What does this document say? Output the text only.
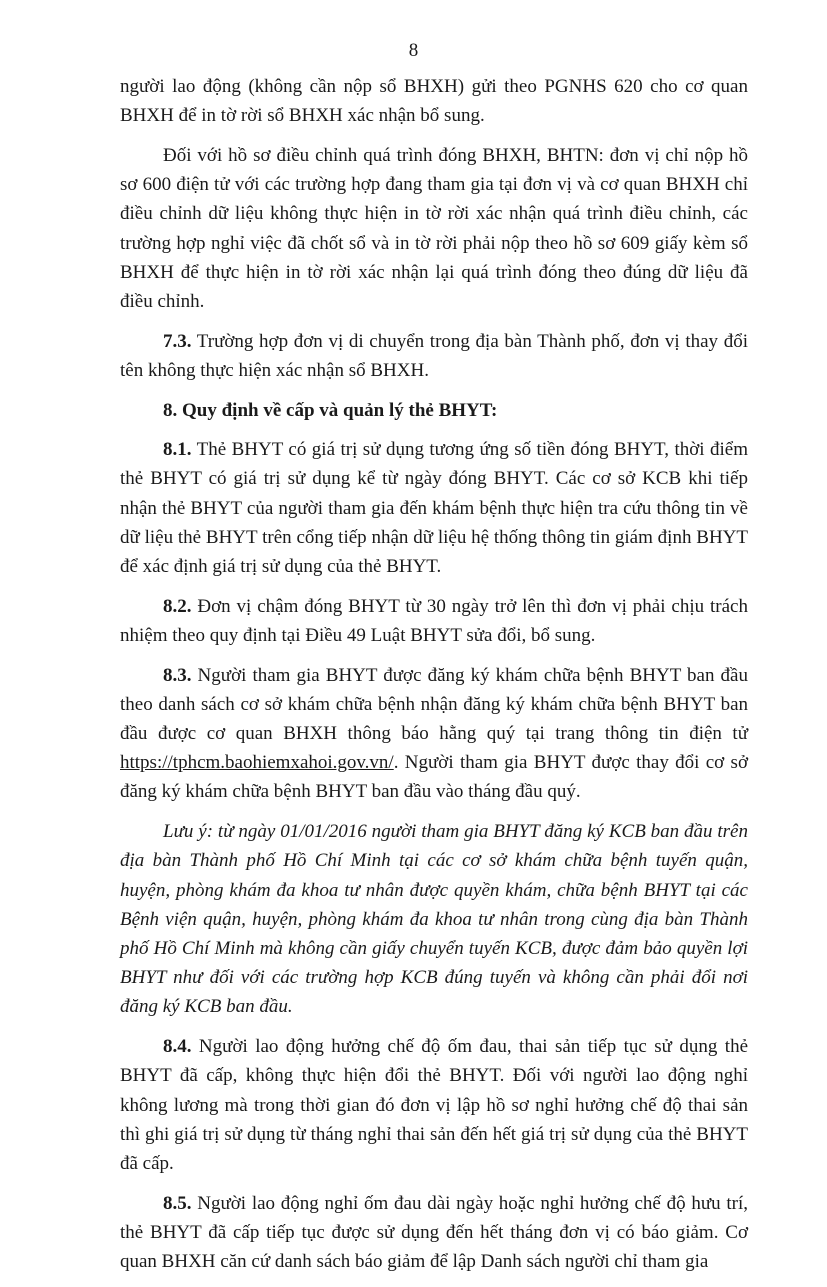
8

người lao động (không cần nộp sổ BHXH) gửi theo PGNHS 620 cho cơ quan BHXH để in tờ rời sổ BHXH xác nhận bổ sung.

Đối với hồ sơ điều chỉnh quá trình đóng BHXH, BHTN: đơn vị chỉ nộp hồ sơ 600 điện tử với các trường hợp đang tham gia tại đơn vị và cơ quan BHXH chỉ điều chỉnh dữ liệu không thực hiện in tờ rời xác nhận quá trình điều chỉnh, các trường hợp nghỉ việc đã chốt sổ và in tờ rời phải nộp theo hồ sơ 609 giấy kèm sổ BHXH để thực hiện in tờ rời xác nhận lại quá trình đóng theo đúng dữ liệu đã điều chỉnh.

7.3. Trường hợp đơn vị di chuyển trong địa bàn Thành phố, đơn vị thay đổi tên không thực hiện xác nhận sổ BHXH.

8. Quy định về cấp và quản lý thẻ BHYT:

8.1. Thẻ BHYT có giá trị sử dụng tương ứng số tiền đóng BHYT, thời điểm thẻ BHYT có giá trị sử dụng kể từ ngày đóng BHYT. Các cơ sở KCB khi tiếp nhận thẻ BHYT của người tham gia đến khám bệnh thực hiện tra cứu thông tin về dữ liệu thẻ BHYT trên cổng tiếp nhận dữ liệu hệ thống thông tin giám định BHYT để xác định giá trị sử dụng của thẻ BHYT.

8.2. Đơn vị chậm đóng BHYT từ 30 ngày trở lên thì đơn vị phải chịu trách nhiệm theo quy định tại Điều 49 Luật BHYT sửa đổi, bổ sung.

8.3. Người tham gia BHYT được đăng ký khám chữa bệnh BHYT ban đầu theo danh sách cơ sở khám chữa bệnh nhận đăng ký khám chữa bệnh BHYT ban đầu được cơ quan BHXH thông báo hằng quý tại trang thông tin điện tử https://tphcm.baohiemxahoi.gov.vn/. Người tham gia BHYT được thay đổi cơ sở đăng ký khám chữa bệnh BHYT ban đầu vào tháng đầu quý.

Lưu ý: từ ngày 01/01/2016 người tham gia BHYT đăng ký KCB ban đầu trên địa bàn Thành phố Hồ Chí Minh tại các cơ sở khám chữa bệnh tuyến quận, huyện, phòng khám đa khoa tư nhân được quyền khám, chữa bệnh BHYT tại các Bệnh viện quận, huyện, phòng khám đa khoa tư nhân trong cùng địa bàn Thành phố Hồ Chí Minh mà không cần giấy chuyển tuyến KCB, được đảm bảo quyền lợi BHYT như đối với các trường hợp KCB đúng tuyến và không cần phải đổi nơi đăng ký KCB ban đầu.

8.4. Người lao động hưởng chế độ ốm đau, thai sản tiếp tục sử dụng thẻ BHYT đã cấp, không thực hiện đổi thẻ BHYT. Đối với người lao động nghỉ không lương mà trong thời gian đó đơn vị lập hồ sơ nghỉ hưởng chế độ thai sản thì ghi giá trị sử dụng từ tháng nghỉ thai sản đến hết giá trị sử dụng của thẻ BHYT đã cấp.

8.5. Người lao động nghỉ ốm đau dài ngày hoặc nghỉ hưởng chế độ hưu trí, thẻ BHYT đã cấp tiếp tục được sử dụng đến hết tháng đơn vị có báo giảm. Cơ quan BHXH căn cứ danh sách báo giảm để lập Danh sách người chỉ tham gia
